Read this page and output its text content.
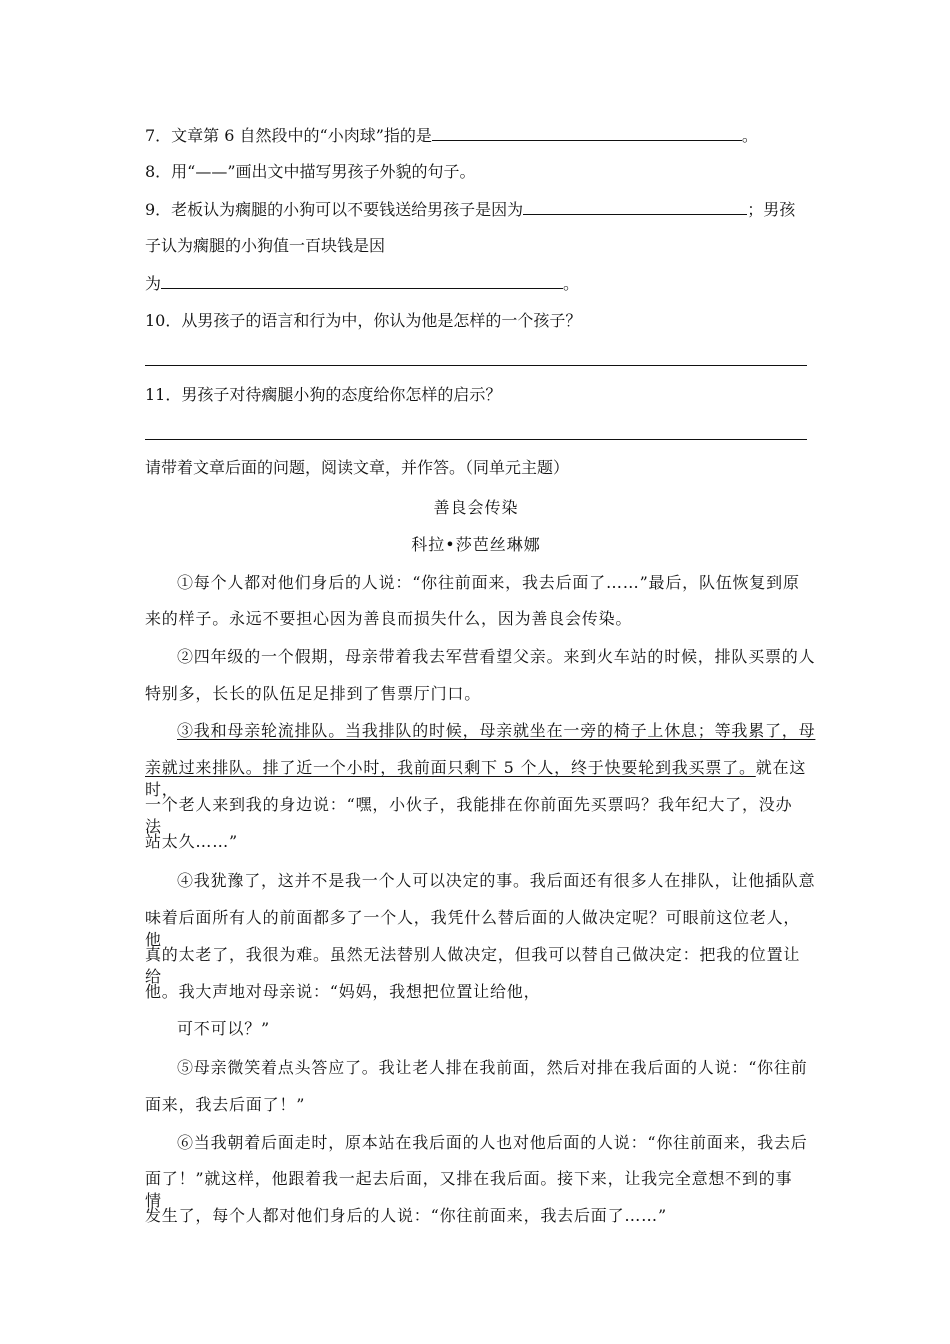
7．文章第 6 自然段中的“小肉球”指的是	。
8．用“——”画出文中描写男孩子外貌的句子。
9．老板认为瘸腿的小狗可以不要钱送给男孩子是因为	；男孩
子认为瘸腿的小狗值一百块钱是因
为	。
10．从男孩子的语言和行为中，你认为他是怎样的一个孩子？
11．男孩子对待瘸腿小狗的态度给你怎样的启示？
请带着文章后面的问题，阅读文章，并作答。（同单元主题）
善良会传染
科拉•莎芭丝琳娜
①每个人都对他们身后的人说：“你往前面来，我去后面了……”最后，队伍恢复到原
来的样子。永远不要担心因为善良而损失什么，因为善良会传染。
②四年级的一个假期，母亲带着我去军营看望父亲。来到火车站的时候，排队买票的人
特别多，长长的队伍足足排到了售票厅门口。
③我和母亲轮流排队。当我排队的时候，母亲就坐在一旁的椅子上休息；等我累了，母
亲就过来排队。排了近一个小时，我前面只剩下 5 个人，终于快要轮到我买票了。就在这时，
一个老人来到我的身边说：“嘿，小伙子，我能排在你前面先买票吗？我年纪大了，没办法
站太久……”
④我犹豫了，这并不是我一个人可以决定的事。我后面还有很多人在排队，让他插队意
味着后面所有人的前面都多了一个人，我凭什么替后面的人做决定呢？可眼前这位老人，他
真的太老了，我很为难。虽然无法替别人做决定，但我可以替自己做决定：把我的位置让给
他。我大声地对母亲说：“妈妈，我想把位置让给他，
可不可以？”
⑤母亲微笑着点头答应了。我让老人排在我前面，然后对排在我后面的人说：“你往前
面来，我去后面了！”
⑥当我朝着后面走时，原本站在我后面的人也对他后面的人说：“你往前面来，我去后
面了！”就这样，他跟着我一起去后面，又排在我后面。接下来，让我完全意想不到的事情
发生了，每个人都对他们身后的人说：“你往前面来，我去后面了……”
